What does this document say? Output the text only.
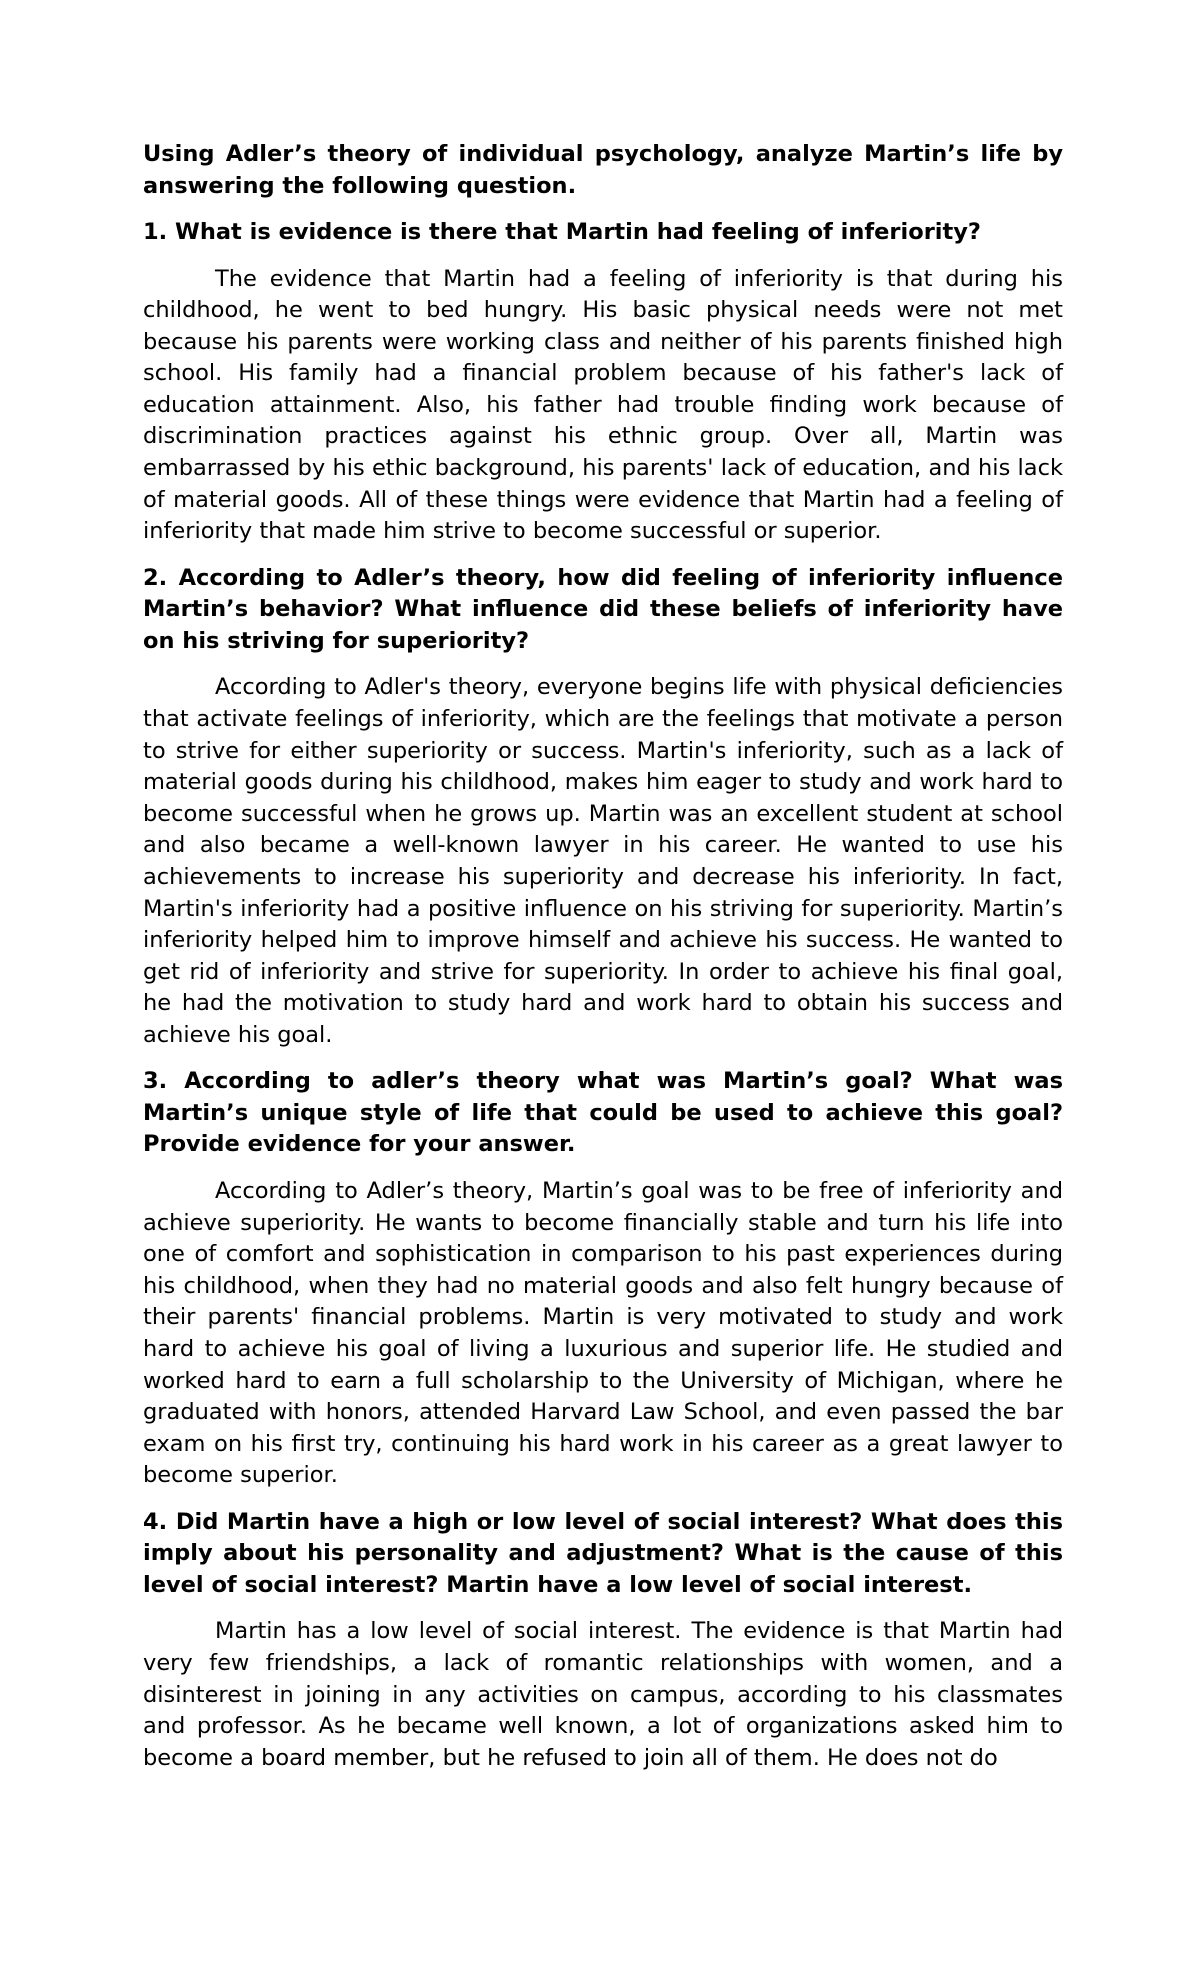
Using Adler’s theory of individual psychology, analyze Martin’s life by answering the following question.

1. What is evidence is there that Martin had feeling of inferiority?

The evidence that Martin had a feeling of inferiority is that during his childhood, he went to bed hungry. His basic physical needs were not met because his parents were working class and neither of his parents finished high school. His family had a financial problem because of his father's lack of education attainment. Also, his father had trouble finding work because of discrimination practices against his ethnic group. Over all, Martin was embarrassed by his ethic background, his parents' lack of education, and his lack of material goods. All of these things were evidence that Martin had a feeling of inferiority that made him strive to become successful or superior.

2. According to Adler’s theory, how did feeling of inferiority influence Martin’s behavior? What influence did these beliefs of inferiority have on his striving for superiority?

According to Adler's theory, everyone begins life with physical deficiencies that activate feelings of inferiority, which are the feelings that motivate a person to strive for either superiority or success. Martin's inferiority, such as a lack of material goods during his childhood, makes him eager to study and work hard to become successful when he grows up. Martin was an excellent student at school and also became a well-known lawyer in his career. He wanted to use his achievements to increase his superiority and decrease his inferiority. In fact, Martin's inferiority had a positive influence on his striving for superiority. Martin’s inferiority helped him to improve himself and achieve his success. He wanted to get rid of inferiority and strive for superiority. In order to achieve his final goal, he had the motivation to study hard and work hard to obtain his success and achieve his goal.

3. According to adler’s theory what was Martin’s goal? What was Martin’s unique style of life that could be used to achieve this goal? Provide evidence for your answer.

According to Adler’s theory, Martin’s goal was to be free of inferiority and achieve superiority. He wants to become financially stable and turn his life into one of comfort and sophistication in comparison to his past experiences during his childhood, when they had no material goods and also felt hungry because of their parents' financial problems. Martin is very motivated to study and work hard to achieve his goal of living a luxurious and superior life. He studied and worked hard to earn a full scholarship to the University of Michigan, where he graduated with honors, attended Harvard Law School, and even passed the bar exam on his first try, continuing his hard work in his career as a great lawyer to become superior.

4. Did Martin have a high or low level of social interest? What does this imply about his personality and adjustment? What is the cause of this level of social interest? Martin have a low level of social interest.

Martin has a low level of social interest. The evidence is that Martin had very few friendships, a lack of romantic relationships with women, and a disinterest in joining in any activities on campus, according to his classmates and professor. As he became well known, a lot of organizations asked him to become a board member, but he refused to join all of them. He does not do
